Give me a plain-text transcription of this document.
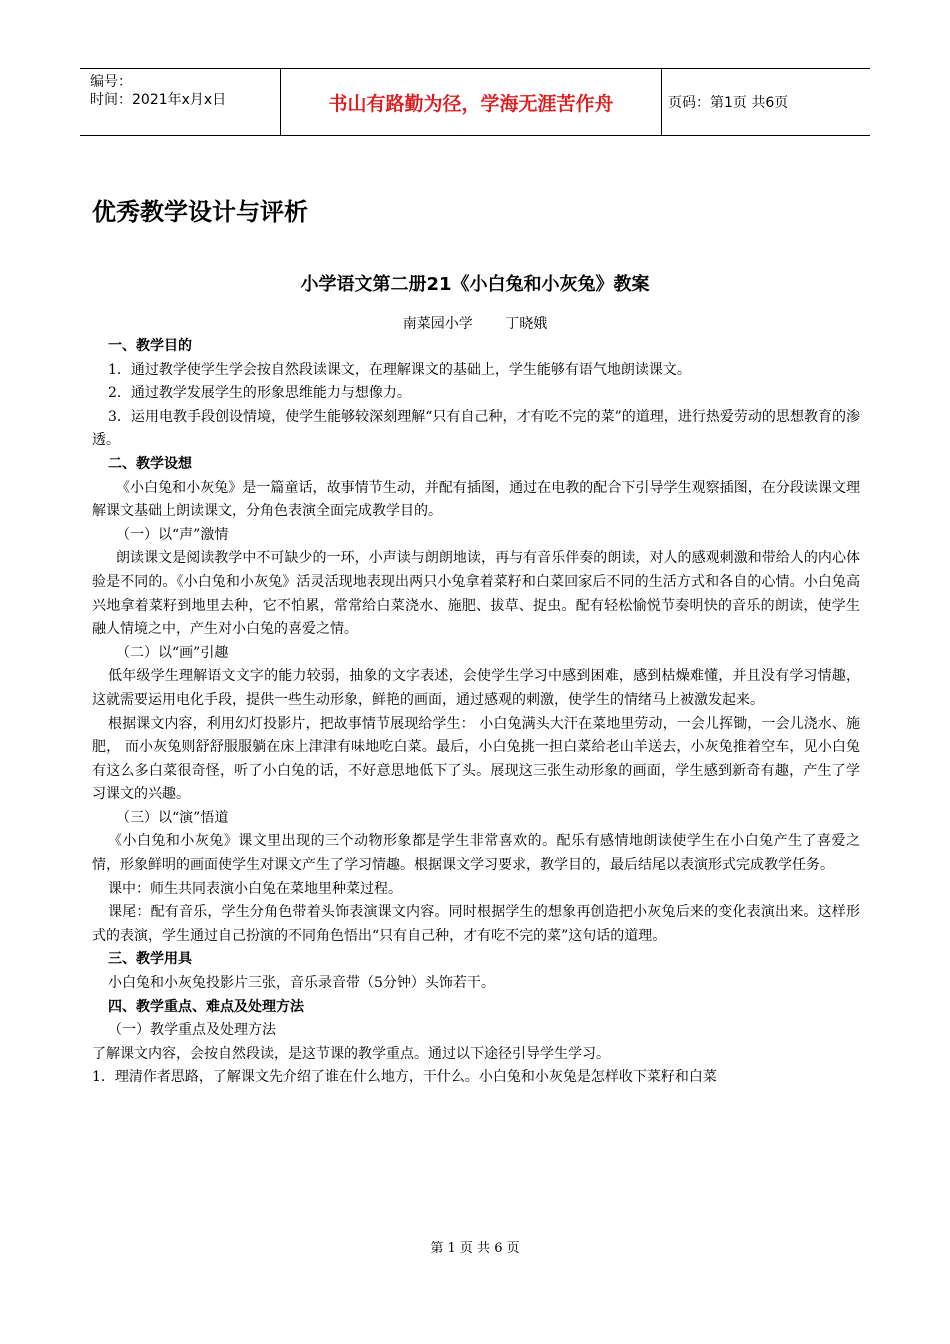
编号：
时间：2021年x月x日	书山有路勤为径，学海无涯苦作舟	页码：第1页 共6页
优秀教学设计与评析
小学语文第二册21《小白兔和小灰兔》教案
南菜园小学 丁晓娥

一、教学目的

1．通过教学使学生学会按自然段读课文，在理解课文的基础上，学生能够有语气地朗读课文。

2．通过教学发展学生的形象思维能力与想像力。

3．运用电教手段创设情境，使学生能够较深刻理解“只有自己种，才有吃不完的菜”的道理，进行热爱劳动的思想教育的渗透。

二、教学设想

《小白兔和小灰兔》是一篇童话，故事情节生动，并配有插图，通过在电教的配合下引导学生观察插图，在分段读课文理解课文基础上朗读课文，分角色表演全面完成教学目的。

（一）以“声”激情

朗读课文是阅读教学中不可缺少的一环，小声读与朗朗地读，再与有音乐伴奏的朗读，对人的感观刺激和带给人的内心体验是不同的。《小白兔和小灰兔》活灵活现地表现出两只小兔拿着菜籽和白菜回家后不同的生活方式和各自的心情。小白兔高兴地拿着菜籽到地里去种，它不怕累，常常给白菜浇水、施肥、拔草、捉虫。配有轻松愉悦节奏明快的音乐的朗读，使学生融人情境之中，产生对小白兔的喜爱之情。

（二）以“画”引趣

低年级学生理解语文文字的能力较弱，抽象的文字表述，会使学生学习中感到困难，感到枯燥难懂，并且没有学习情趣，这就需要运用电化手段，提供一些生动形象，鲜艳的画面，通过感观的刺激，使学生的情绪马上被激发起来。

根据课文内容，利用幻灯投影片，把故事情节展现给学生： 小白兔满头大汗在菜地里劳动，一会儿挥锄，一会儿浇水、施肥， 而小灰兔则舒舒服服躺在床上津津有味地吃白菜。最后，小白兔挑一担白菜给老山羊送去，小灰兔推着空车，见小白兔有这么多白菜很奇怪，听了小白兔的话，不好意思地低下了头。展现这三张生动形象的画面，学生感到新奇有趣，产生了学习课文的兴趣。

（三）以“演”悟道

《小白兔和小灰兔》课文里出现的三个动物形象都是学生非常喜欢的。配乐有感情地朗读使学生在小白兔产生了喜爱之情，形象鲜明的画面使学生对课文产生了学习情趣。根据课文学习要求，教学目的，最后结尾以表演形式完成教学任务。

课中：师生共同表演小白兔在菜地里种菜过程。

课尾：配有音乐，学生分角色带着头饰表演课文内容。同时根据学生的想象再创造把小灰兔后来的变化表演出来。这样形式的表演，学生通过自己扮演的不同角色悟出“只有自己种，才有吃不完的菜”这句话的道理。

三、教学用具

小白兔和小灰兔投影片三张，音乐录音带（5分钟）头饰若干。

四、教学重点、难点及处理方法

（一）教学重点及处理方法

了解课文内容，会按自然段读，是这节课的教学重点。通过以下途径引导学生学习。

1．理清作者思路，了解课文先介绍了谁在什么地方，干什么。小白兔和小灰兔是怎样收下菜籽和白菜

第 1 页 共 6 页
